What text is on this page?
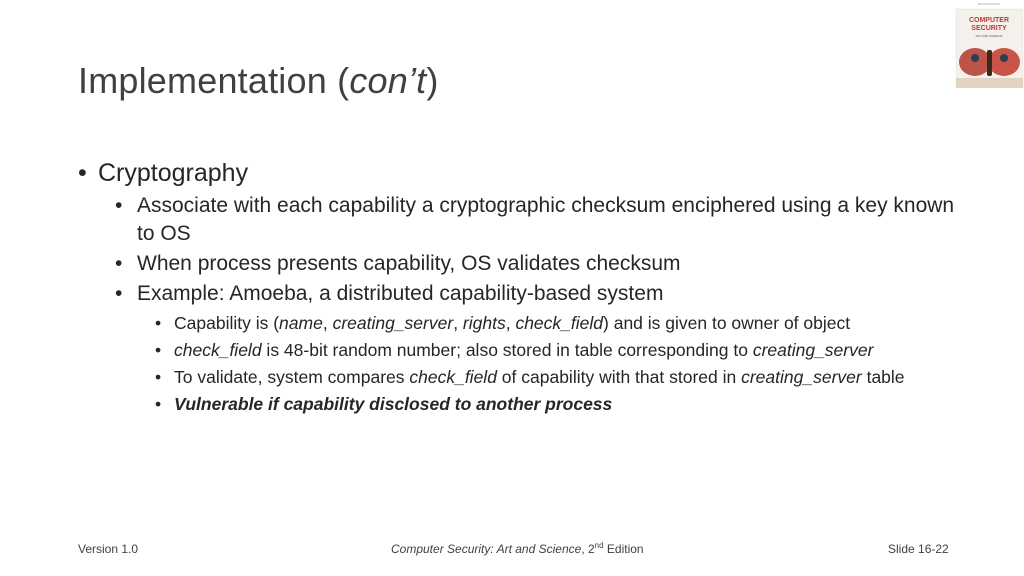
Implementation (con’t)
SECOND EDITION
COMPUTER
SECURITY
ART AND SCIENCE
• Cryptography
• Associate with each capability a cryptographic checksum enciphered using a key known to OS
• When process presents capability, OS validates checksum
• Example: Amoeba, a distributed capability-based system
• Capability is (name, creating_server, rights, check_field) and is given to owner of object
• check_field is 48-bit random number; also stored in table corresponding to creating_server
• To validate, system compares check_field of capability with that stored in creating_server table
• Vulnerable if capability disclosed to another process
Version 1.0	Computer Security: Art and Science, 2nd Edition	Slide 16-22
